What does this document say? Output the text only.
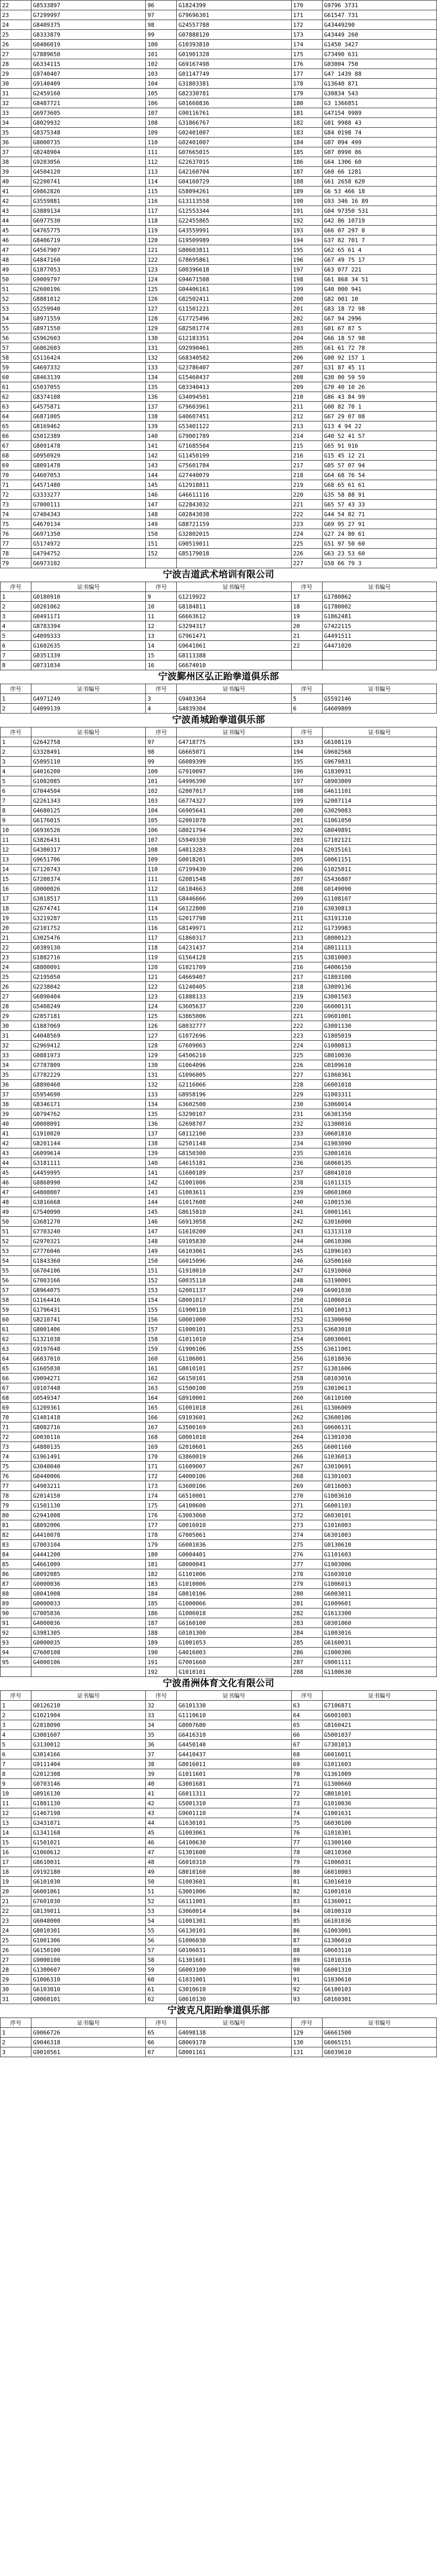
22	G8533897	96	G1824399	170	G9796 3731
23	G7299997	97	G79696301	171	G61547 731
24	G8409375	98	G24557788	172	G43449290
25	G8333879	99	G07888120	173	G43449 260
26	G0406019	100	G10393810	174	G1450 3427
27	G7889650	101	G01901328	175	G73490 631
28	G6334115	102	G69167498	176	G03004 750
29	G9740407	103	G01147749	177	G47 1439 88
30	G9140409	104	G31803381	178	G13640 871
31	G2459160	105	G82330781	179	G30834 543
32	G8487721	106	G01660836	180	G3 1366851
33	G6973605	107	G90116761	181	G47154 9989
34	G8029932	108	G31866767	182	G01 9988 43
35	G8375348	109	G02401007	183	G84 0198 74
36	G8000735	110	G02401007	184	G07 094 499
37	G8248904	111	G07665015	185	G07 0990 86
38	G9203056	112	G22637015	186	G64 1306 60
39	G4504120	113	G42160704	187	G60 66 1281
40	G2200741	114	G04160729	188	G61 2658 620
41	G9862826	115	G58094261	189	G6 53 466 18
42	G3559881	116	G13113558	190	G93 346 16 89
43	G3889134	117	G12553344	191	G04 97350 531
44	G6977530	118	G22455865	192	G42 86 10719
45	G4765775	119	G43559991	193	G66 07 297 8
46	G8406719	120	G19509989	194	G37 82 701 7
47	G4567907	121	G80603811	195	G62 65 61 4
48	G4847160	122	G78695861	196	G67 49 75 17
49	G1877053	123	G00396618	197	G63 077 221
50	G9009797	124	G94671508	198	G61 868 34 51
51	G2600196	125	G04406161	199	G40 000 941
52	G8881012	126	G82502411	200	G82 001 10
53	G5259940	127	G11501221	201	G83 18 72 98
54	G8971559	128	G17725496	202	G67 94 2996
55	G8971550	129	G82501774	203	G01 67 87 5
56	G5962603	130	G12183351	204	G66 18 57 98
57	G6862603	131	G92990461	205	G61 61 72 78
58	G5116424	132	G68340582	206	G00 92 157 1
59	G4697332	133	G23786407	207	G31 87 45 11
60	G8463139	134	G15460437	208	G30 00 59 59
61	G5037055	135	G83340413	209	G70 40 10 26
62	G8374108	136	G34094501	210	G86 43 84 99
63	G4575871	137	G79603961	211	G00 82 70 1
64	G6871005	138	G40607451	212	G67 29 07 08
65	G8169462	139	G53401122	213	G13 4 94 22
66	G5012389	140	G79001789	214	G40 52 41 57
67	G8091478	141	G71685504	215	G65 91 916
68	G0950929	142	G11450199	216	G15 45 12 21
69	G8091478	143	G75601784	217	G05 57 07 94
70	G4607053	144	G27440079	218	G64 68 76 54
71	G4571480	145	G12918811	219	G68 65 61 61
72	G3333277	146	G46611116	220	G35 58 88 91
73	G7000111	147	G22843032	221	G65 57 43 33
74	G7404343	148	G02843038	222	G44 54 82 71
75	G4670134	149	G88721159	223	G69 95 27 91
76	G6971350	150	G32802015	224	G27 24 80 61
77	G5174972	151	G90519011	225	G51 97 50 60
78	G4794752	152	G85179018	226	G63 23 53 60
79	G6973102			227	G58 66 79 3
宁波吉道武术培训有限公司
序号	证书编号	序号	证书编号	序号	证书编号
1	G0180910	9	G1219922	17	G1780862
2	G0201062	10	G8184811	18	G1780002
3	G0491171	11	G6663612	19	G1862481
4	G8783394	12	G3294317	20	G7422115
5	G4099333	13	G7961471	21	G4491511
6	G1602635	14	G9641061	22	G4471020
7	G0351339	15	G8113388		
8	G0731034	16	G6674010		
宁波鄞州区弘正跆拳道俱乐部
序号	证书编号	序号	证书编号	序号	证书编号
1	G4971249	3	G9403364	5	G5592146
2	G4099139	4	G4039304	6	G4609809
宁波甬城跆拳道俱乐部
序号	证书编号	序号	证书编号	序号	证书编号
1	G2642758	97	G4718775	193	G6108119
2	G3328491	98	G6665071	194	G9602568
3	G5095110	99	G6089399	195	G9679831
4	G4016200	100	G7910097	196	G1830931
5	G1082085	101	G4996390	197	G8903009
6	G7044504	102	G2007017	198	G4611101
7	G2261343	103	G6774327	199	G2007114
8	G4680125	104	G6905641	200	G3029083
9	G6176015	105	G2001078	201	G1061050
10	G6936526	106	G8021794	202	G8049891
11	G3826431	107	G5949330	203	G7102121
12	G4300317	108	G4813283	204	G2035161
13	G9651706	109	G0018201	205	G0061151
14	G7120743	110	G7199430	206	G1025011
15	G7200374	111	G2081548	207	G5436807
16	G0000026	112	G6184663	208	G0149090
17	G3018517	113	G8446666	209	G1108107
18	G2674741	114	G6122800	210	G3030813
19	G3219287	115	G2017798	211	G3191310
20	G2101752	116	G8149971	212	G1739983
21	G3025476	117	G1860317	213	G8000123
22	G0389130	118	G4231437	214	G8011113
23	G1882716	119	G1564128	215	G3810003
24	G8800091	120	G1021709	216	G4006150
25	G2195050	121	G4669407	217	G1803100
26	G2238042	122	G1240405	218	G3009136
27	G6890404	123	G1888133	219	G3001503
28	G5408249	124	G3605637	220	G6000131
29	G2857181	125	G3865006	221	G9601001
30	G1887069	126	G8032777	222	G3001130
31	G4048569	127	G1072696	223	G1805019
32	G2969412	128	G7609063	224	G1000813
33	G0881973	129	G4506210	225	G8010036
34	G7787809	130	G1064096	226	G0109610
35	G7782229	131	G1096005	227	G1060361
36	G8890460	132	G2116066	228	G6001018
37	G5954690	133	G8958196	229	G1003311
38	G8346171	134	G3602500	230	G3060014
39	G0794762	135	G3290107	231	G6301350
40	G0008091	136	G2698707	232	G1300016
41	G1910020	137	G8112100	233	G0601810
42	G8201144	138	G2501148	234	G1903090
43	G6099614	139	G8150300	235	G3001016
44	G3181111	140	G4615181	236	G6060135
45	G4459995	141	G1600189	237	G8041010
46	G8868990	142	G1001006	238	G1011315
47	G4808007	143	G1003611	239	G0601060
48	G3816668	144	G1017608	240	G1001536
49	G7540090	145	G8615810	241	G9001161
50	G3681270	146	G6913058	242	G3016000
51	G7703240	147	G1610200	243	G1313110
52	G2970321	148	G9105830	244	G0610306
53	G7776046	149	G6103061	245	G1096103
54	G1843360	150	G6015096	246	G3500160
55	G6704106	151	G1910010	247	G1910060
56	G7003166	152	G0035110	248	G3190001
57	G8964075	153	G2001137	249	G6901030
58	G1164416	154	G8001017	250	G1006016
59	G1796431	155	G1900110	251	G0016013
60	G8210741	156	G0001000	252	G1300690
61	G8001406	157	G1000101	253	G3603010
62	G1321038	158	G1011010	254	G0030601
63	G9197648	159	G1900106	255	G3611001
64	G6037010	160	G1106001	256	G1018036
65	G1605030	161	G8010101	257	G1301606
66	G9094271	162	G6150101	258	G0103016
67	G9107448	163	G1500100	259	G3010613
68	G0549347	164	G8910001	260	G6110100
69	G1209361	165	G1001018	261	G1306009
70	G1401418	166	G9103601	262	G3600106
71	G8082716	167	G3500169	263	G0606131
72	G0030116	168	G0001010	264	G1301030
73	G4880135	169	G2010601	265	G6001160
74	G1961491	170	G3860019	266	G1036013
75	G3040040	171	G1609007	267	G3010691
76	G0440006	172	G4000106	268	G1301603
77	G4903211	173	G3600106	269	G0116003
78	G2014150	174	G6510001	270	G1003610
79	G1501130	175	G4100600	271	G6001103
80	G2941008	176	G3003060	272	G6030101
81	G8892006	177	G0016010	273	G1016003
82	G4410078	178	G7005061	274	G6301003
83	G7003104	179	G6001036	275	G0130610
84	G4441200	180	G0004401	276	G1101603
85	G4661009	181	G8000041	277	G1903006
86	G8092085	182	G1101006	278	G1603010
87	G0000036	183	G1010006	279	G1006013
88	G0041008	184	G8010106	280	G6003011
89	G0000033	185	G1000066	281	G1009601
90	G7005036	186	G1006018	282	G1613300
91	G4000036	187	G6160100	283	G0301060
92	G3981305	188	G0101300	284	G1003016
93	G0000035	189	G1001053	285	G6160031
94	G7600108	190	G4016003	286	G1000306
95	G4000106	191	G7001660	287	G9001111
		192	G1010101	288	G1100630
宁波甬洲体育文化有限公司
序号	证书编号	序号	证书编号	序号	证书编号
1	G0126210	32	G6101330	63	G7106871
2	G1021904	33	G1110610	64	G6001003
3	G2818090	34	G8007680	65	G8160421
4	G3001607	35	G6416310	66	G5001037
5	G3130012	36	G4450140	67	G7301013
6	G3014166	37	G4410437	68	G6016011
7	G9111404	38	G8016011	69	G1011603
8	G2012308	39	G1011601	70	G1361009
9	G0703146	40	G3001681	71	G1300660
10	G0916130	41	G6011311	72	G8010101
11	G1801130	42	G5001310	73	G1010036
12	G1467198	43	G9601110	74	G1001631
13	G3431071	44	G1630101	75	G6030100
14	G1341168	45	G1003061	76	G1010301
15	G1501021	46	G4100630	77	G1300160
16	G1060612	47	G1301600	78	G0110360
17	G8610031	48	G6010310	79	G1006031
18	G9192180	49	G8010160	80	G6010003
19	G6101030	50	G1003601	81	G3016010
20	G6001061	51	G3001006	82	G1001016
21	G7601030	52	G6111001	83	G1360011
22	G8139011	53	G3060014	84	G0100310
23	G6048000	54	G1001301	85	G6101036
24	G8010301	55	G6130101	86	G1003001
25	G1001306	56	G1006030	87	G1306010
26	G6150100	57	G0106031	88	G0603110
27	G9000100	58	G1301601	89	G1010316
28	G1300607	59	G6003100	90	G6001310
29	G1006310	60	G1031001	91	G1030610
30	G6103010	61	G3010610	92	G6100103
31	G0060101	62	G0610130	93	G0160301
宁波克凡阳跆拳道俱乐部
序号	证书编号	序号	证书编号	序号	证书编号
1	G9066726	65	G4098138	129	G6661500
2	G9046318	66	G8069178	130	G6065151
3	G9010561	67	G8001161	131	G6039610
